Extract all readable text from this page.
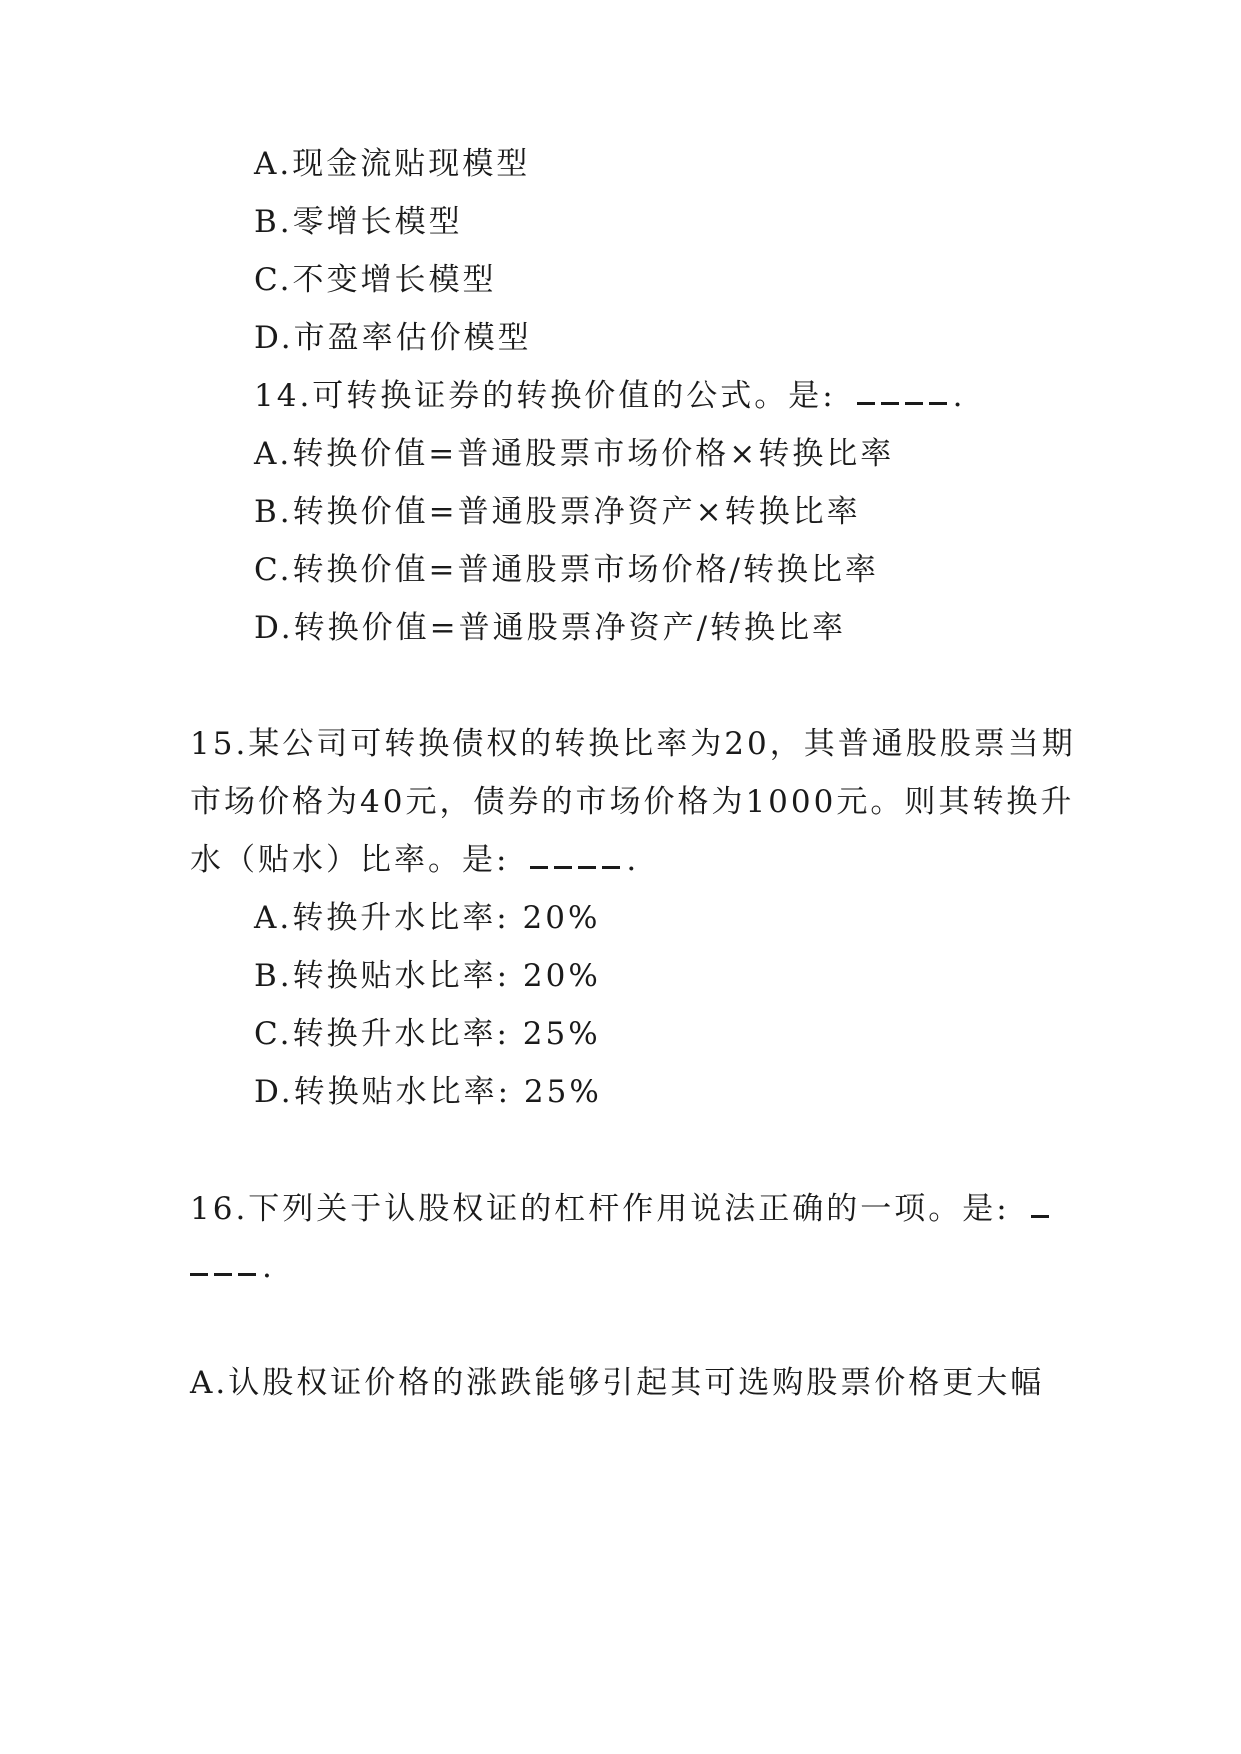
A.现金流贴现模型
B.零增长模型
C.不变增长模型
D.市盈率估价模型
14.可转换证券的转换价值的公式。是:	.
A.转换价值=普通股票市场价格×转换比率
B.转换价值=普通股票净资产×转换比率
C.转换价值=普通股票市场价格/转换比率
D.转换价值=普通股票净资产/转换比率
15.某公司可转换债权的转换比率为20，其普通股股票当期
市场价格为40元，债券的市场价格为1000元。则其转换升
水（贴水）比率。是:	.
A.转换升水比率: 20%
B.转换贴水比率: 20%
C.转换升水比率: 25%
D.转换贴水比率: 25%
16.下列关于认股权证的杠杆作用说法正确的一项。是:
.
A.认股权证价格的涨跌能够引起其可选购股票价格更大幅
